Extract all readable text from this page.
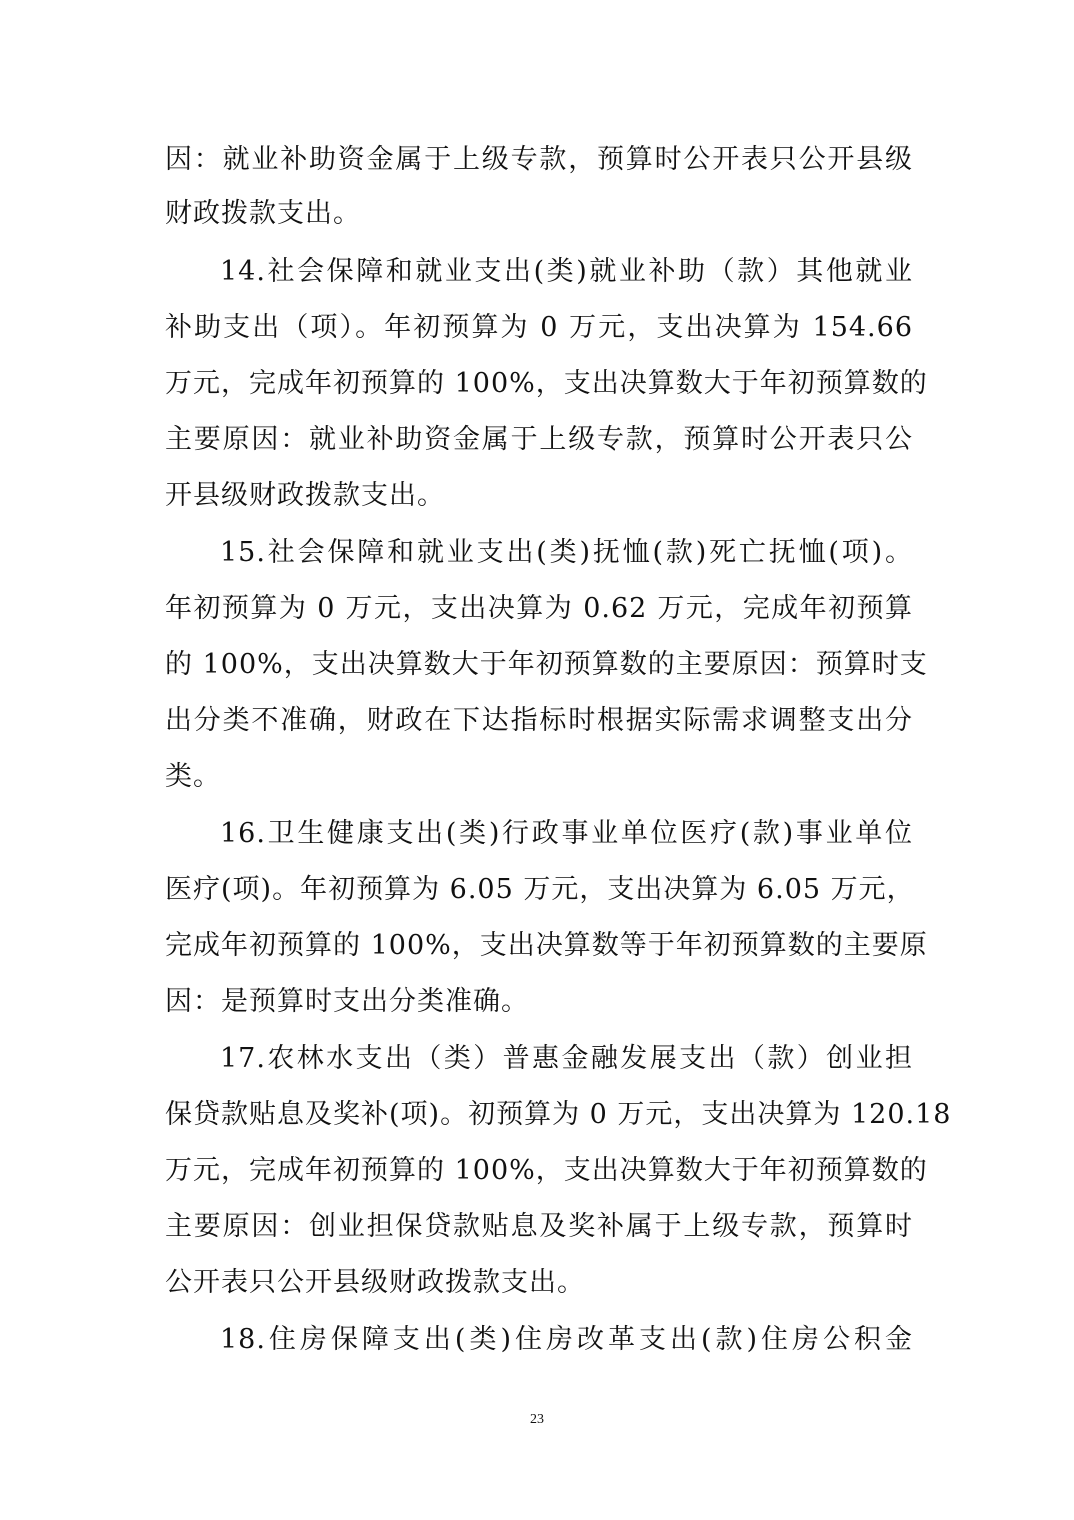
因：就业补助资金属于上级专款，预算时公开表只公开县级
财政拨款支出。
14.社会保障和就业支出(类)就业补助（款）其他就业
补助支出（项）。年初预算为 0 万元，支出决算为 154.66
万元，完成年初预算的 100%，支出决算数大于年初预算数的
主要原因：就业补助资金属于上级专款，预算时公开表只公
开县级财政拨款支出。
15.社会保障和就业支出(类)抚恤(款)死亡抚恤(项)。
年初预算为 0 万元，支出决算为 0.62 万元，完成年初预算
的 100%，支出决算数大于年初预算数的主要原因：预算时支
出分类不准确，财政在下达指标时根据实际需求调整支出分
类。
16.卫生健康支出(类)行政事业单位医疗(款)事业单位
医疗(项)。年初预算为 6.05 万元，支出决算为 6.05 万元，
完成年初预算的 100%，支出决算数等于年初预算数的主要原
因：是预算时支出分类准确。
17.农林水支出（类）普惠金融发展支出（款）创业担
保贷款贴息及奖补(项)。初预算为 0 万元，支出决算为 120.18
万元，完成年初预算的 100%，支出决算数大于年初预算数的
主要原因：创业担保贷款贴息及奖补属于上级专款，预算时
公开表只公开县级财政拨款支出。
18.住房保障支出(类)住房改革支出(款)住房公积金
23
